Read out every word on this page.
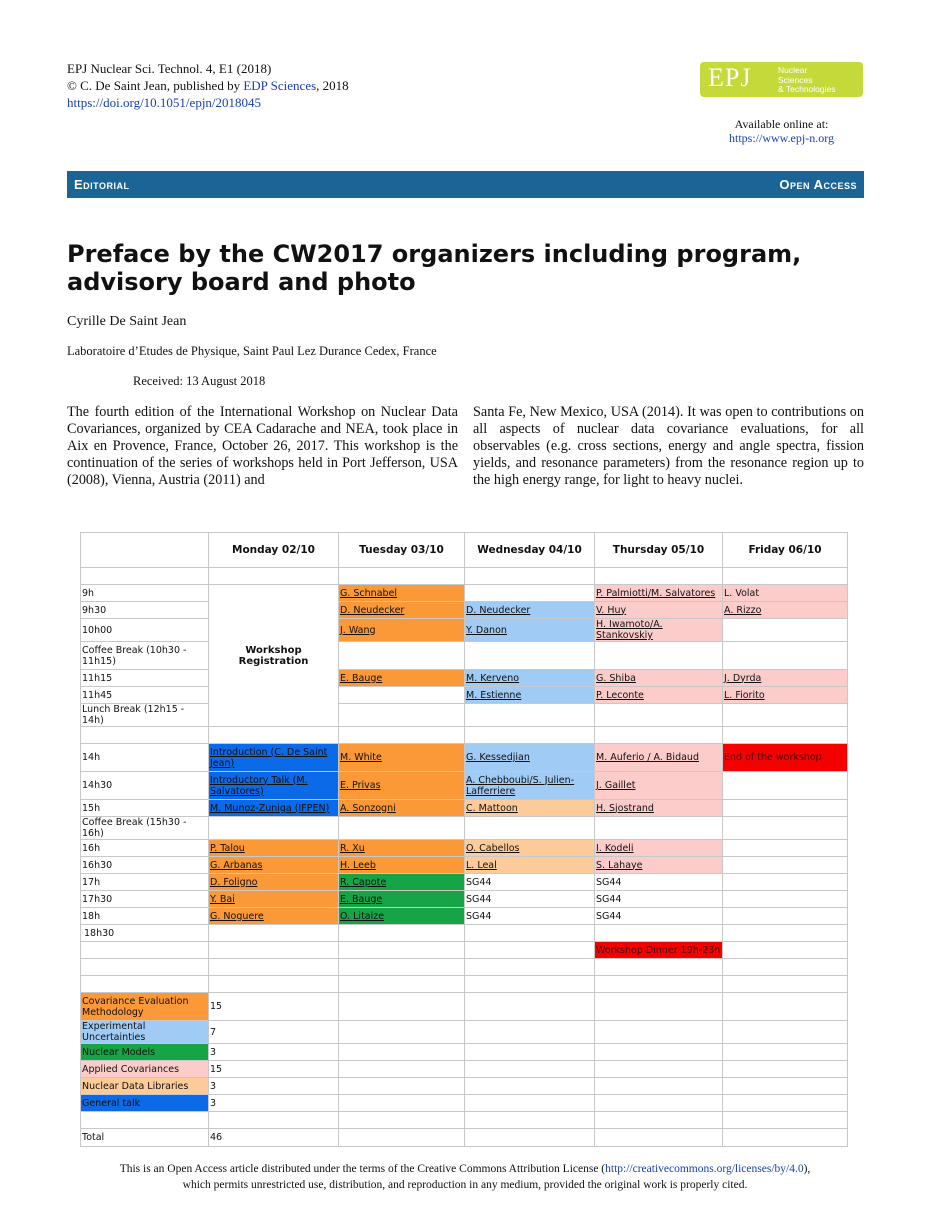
EPJ Nuclear Sci. Technol. 4, E1 (2018)
© C. De Saint Jean, published by EDP Sciences, 2018
https://doi.org/10.1051/epjn/2018045
EPJ	Nuclear
Sciences
& Technologies
Available online at:
https://www.epj-n.org
Editorial	Open Access
Preface by the CW2017 organizers including program, advisory board and photo
Cyrille De Saint Jean
Laboratoire d’Etudes de Physique, Saint Paul Lez Durance Cedex, France
Received: 13 August 2018
The fourth edition of the International Workshop on Nuclear Data Covariances, organized by CEA Cadarache and NEA, took place in Aix en Provence, France, October 26, 2017. This workshop is the continuation of the series of workshops held in Port Jefferson, USA (2008), Vienna, Austria (2011) and
Santa Fe, New Mexico, USA (2014). It was open to contributions on all aspects of nuclear data covariance evaluations, for all observables (e.g. cross sections, energy and angle spectra, fission yields, and resonance parameters) from the resonance region up to the high energy range, for light to heavy nuclei.
	Monday 02/10	Tuesday 03/10	Wednesday 04/10	Thursday 05/10	Friday 06/10

9h	Workshop Registration	G. Schnabel		P. Palmiotti/M. Salvatores	L. Volat
9h30		D. Neudecker	D. Neudecker	V. Huy	A. Rizzo
10h00		J. Wang	Y. Danon	H. Iwamoto/A. Stankovskiy	
Coffee Break (10h30 - 11h15)					
11h15		E. Bauge	M. Kerveno	G. Shiba	J. Dyrda
11h45			M. Estienne	P. Leconte	L. Fiorito
Lunch Break (12h15 - 14h)					

14h	Introduction (C. De Saint Jean)	M. White	G. Kessedjian	M. Auferio / A. Bidaud	End of the workshop
14h30	Introductory Talk (M. Salvatores)	E. Privas	A. Chebboubi/S. Julien-Lafferriere	J. Gaillet	
15h	M. Munoz-Zuniga (IFPEN)	A. Sonzogni	C. Mattoon	H. Sjostrand	
Coffee Break (15h30 - 16h)					
16h	P. Talou	R. Xu	O. Cabellos	I. Kodeli	
16h30	G. Arbanas	H. Leeb	L. Leal	S. Lahaye	
17h	D. Foligno	R. Capote	SG44	SG44	
17h30	Y. Bai	E. Bauge	SG44	SG44	
18h	G. Noguere	O. Litaize	SG44	SG44	
18h30					
				Workshop Dinner 19h-23h	

Covariance Evaluation Methodology	15				
Experimental Uncertainties	7				
Nuclear Models	3				
Applied Covariances	15				
Nuclear Data Libraries	3				
General talk	3				

Total	46				
This is an Open Access article distributed under the terms of the Creative Commons Attribution License (http://creativecommons.org/licenses/by/4.0),
which permits unrestricted use, distribution, and reproduction in any medium, provided the original work is properly cited.
